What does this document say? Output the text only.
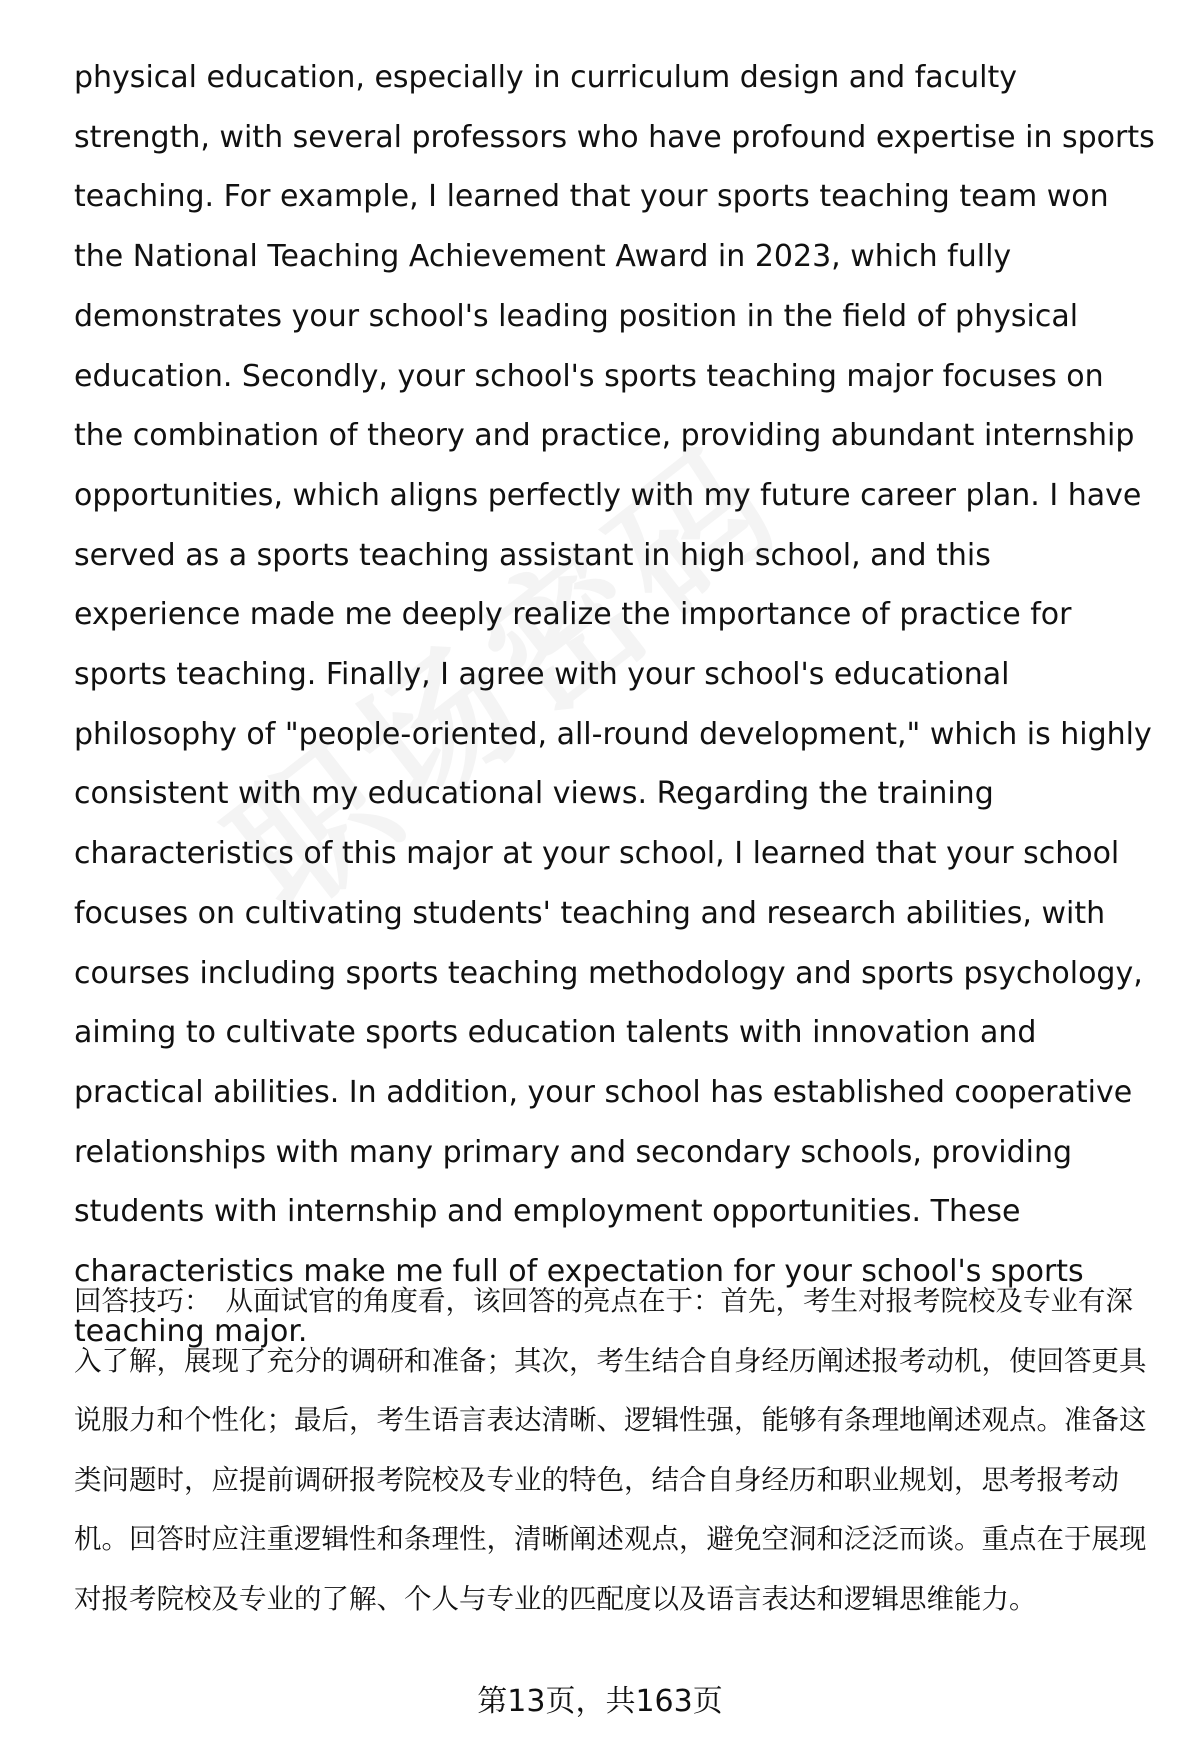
physical education, especially in curriculum design and faculty strength, with several professors who have profound expertise in sports teaching. For example, I learned that your sports teaching team won the National Teaching Achievement Award in 2023, which fully demonstrates your school's leading position in the field of physical education. Secondly, your school's sports teaching major focuses on the combination of theory and practice, providing abundant internship opportunities, which aligns perfectly with my future career plan. I have served as a sports teaching assistant in high school, and this experience made me deeply realize the importance of practice for sports teaching. Finally, I agree with your school's educational philosophy of "people-oriented, all-round development," which is highly consistent with my educational views. Regarding the training characteristics of this major at your school, I learned that your school focuses on cultivating students' teaching and research abilities, with courses including sports teaching methodology and sports psychology, aiming to cultivate sports education talents with innovation and practical abilities. In addition, your school has established cooperative relationships with many primary and secondary schools, providing students with internship and employment opportunities. These characteristics make me full of expectation for your school's sports teaching major.

回答技巧： 从面试官的角度看，该回答的亮点在于：首先，考生对报考院校及专业有深入了解，展现了充分的调研和准备；其次，考生结合自身经历阐述报考动机，使回答更具说服力和个性化；最后，考生语言表达清晰、逻辑性强，能够有条理地阐述观点。准备这类问题时，应提前调研报考院校及专业的特色，结合自身经历和职业规划，思考报考动机。回答时应注重逻辑性和条理性，清晰阐述观点，避免空洞和泛泛而谈。重点在于展现对报考院校及专业的了解、个人与专业的匹配度以及语言表达和逻辑思维能力。

第13页，共163页
